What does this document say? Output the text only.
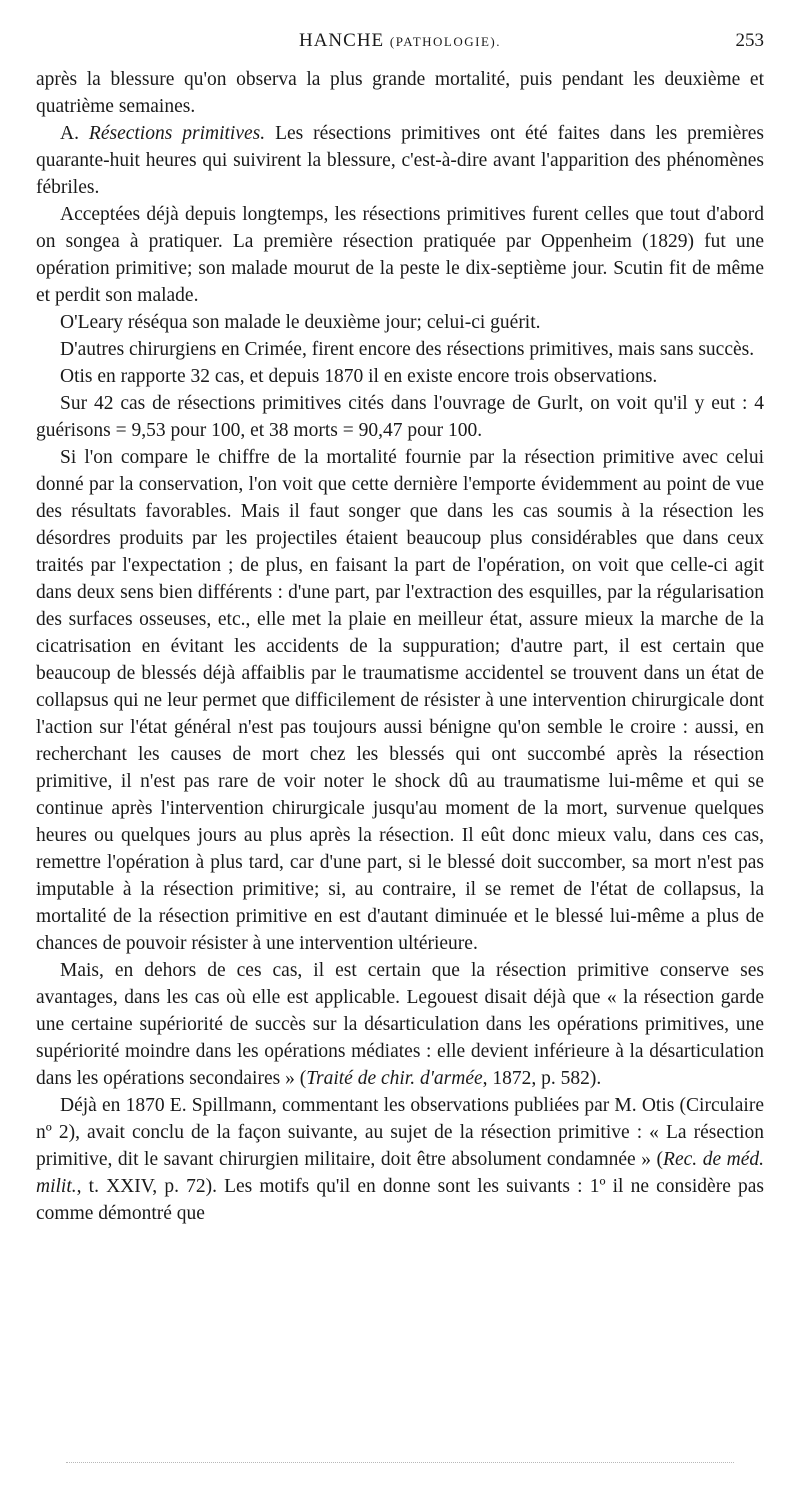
HANCHE (PATHOLOGIE).	253

après la blessure qu'on observa la plus grande mortalité, puis pendant les deuxième et quatrième semaines.

A. Résections primitives. Les résections primitives ont été faites dans les premières quarante-huit heures qui suivirent la blessure, c'est-à-dire avant l'apparition des phénomènes fébriles.

Acceptées déjà depuis longtemps, les résections primitives furent celles que tout d'abord on songea à pratiquer. La première résection pratiquée par Oppenheim (1829) fut une opération primitive; son malade mourut de la peste le dix-septième jour. Scutin fit de même et perdit son malade.

O'Leary réséqua son malade le deuxième jour; celui-ci guérit.

D'autres chirurgiens en Crimée, firent encore des résections primitives, mais sans succès.

Otis en rapporte 32 cas, et depuis 1870 il en existe encore trois observations.

Sur 42 cas de résections primitives cités dans l'ouvrage de Gurlt, on voit qu'il y eut : 4 guérisons = 9,53 pour 100, et 38 morts = 90,47 pour 100.

Si l'on compare le chiffre de la mortalité fournie par la résection primitive avec celui donné par la conservation, l'on voit que cette dernière l'emporte évidemment au point de vue des résultats favorables. Mais il faut songer que dans les cas soumis à la résection les désordres produits par les projectiles étaient beaucoup plus considérables que dans ceux traités par l'expectation ; de plus, en faisant la part de l'opération, on voit que celle-ci agit dans deux sens bien différents : d'une part, par l'extraction des esquilles, par la régularisation des surfaces osseuses, etc., elle met la plaie en meilleur état, assure mieux la marche de la cicatrisation en évitant les accidents de la suppuration; d'autre part, il est certain que beaucoup de blessés déjà affaiblis par le traumatisme accidentel se trouvent dans un état de collapsus qui ne leur permet que difficilement de résister à une intervention chirurgicale dont l'action sur l'état général n'est pas toujours aussi bénigne qu'on semble le croire : aussi, en recherchant les causes de mort chez les blessés qui ont succombé après la résection primitive, il n'est pas rare de voir noter le shock dû au traumatisme lui-même et qui se continue après l'intervention chirurgicale jusqu'au moment de la mort, survenue quelques heures ou quelques jours au plus après la résection. Il eût donc mieux valu, dans ces cas, remettre l'opération à plus tard, car d'une part, si le blessé doit succomber, sa mort n'est pas imputable à la résection primitive; si, au contraire, il se remet de l'état de collapsus, la mortalité de la résection primitive en est d'autant diminuée et le blessé lui-même a plus de chances de pouvoir résister à une intervention ultérieure.

Mais, en dehors de ces cas, il est certain que la résection primitive conserve ses avantages, dans les cas où elle est applicable. Legouest disait déjà que « la résection garde une certaine supériorité de succès sur la désarticulation dans les opérations primitives, une supériorité moindre dans les opérations médiates : elle devient inférieure à la désarticulation dans les opérations secondaires » (Traité de chir. d'armée, 1872, p. 582).

Déjà en 1870 E. Spillmann, commentant les observations publiées par M. Otis (Circulaire nº 2), avait conclu de la façon suivante, au sujet de la résection primitive : « La résection primitive, dit le savant chirurgien militaire, doit être absolument condamnée » (Rec. de méd. milit., t. XXIV, p. 72). Les motifs qu'il en donne sont les suivants : 1º il ne considère pas comme démontré que
